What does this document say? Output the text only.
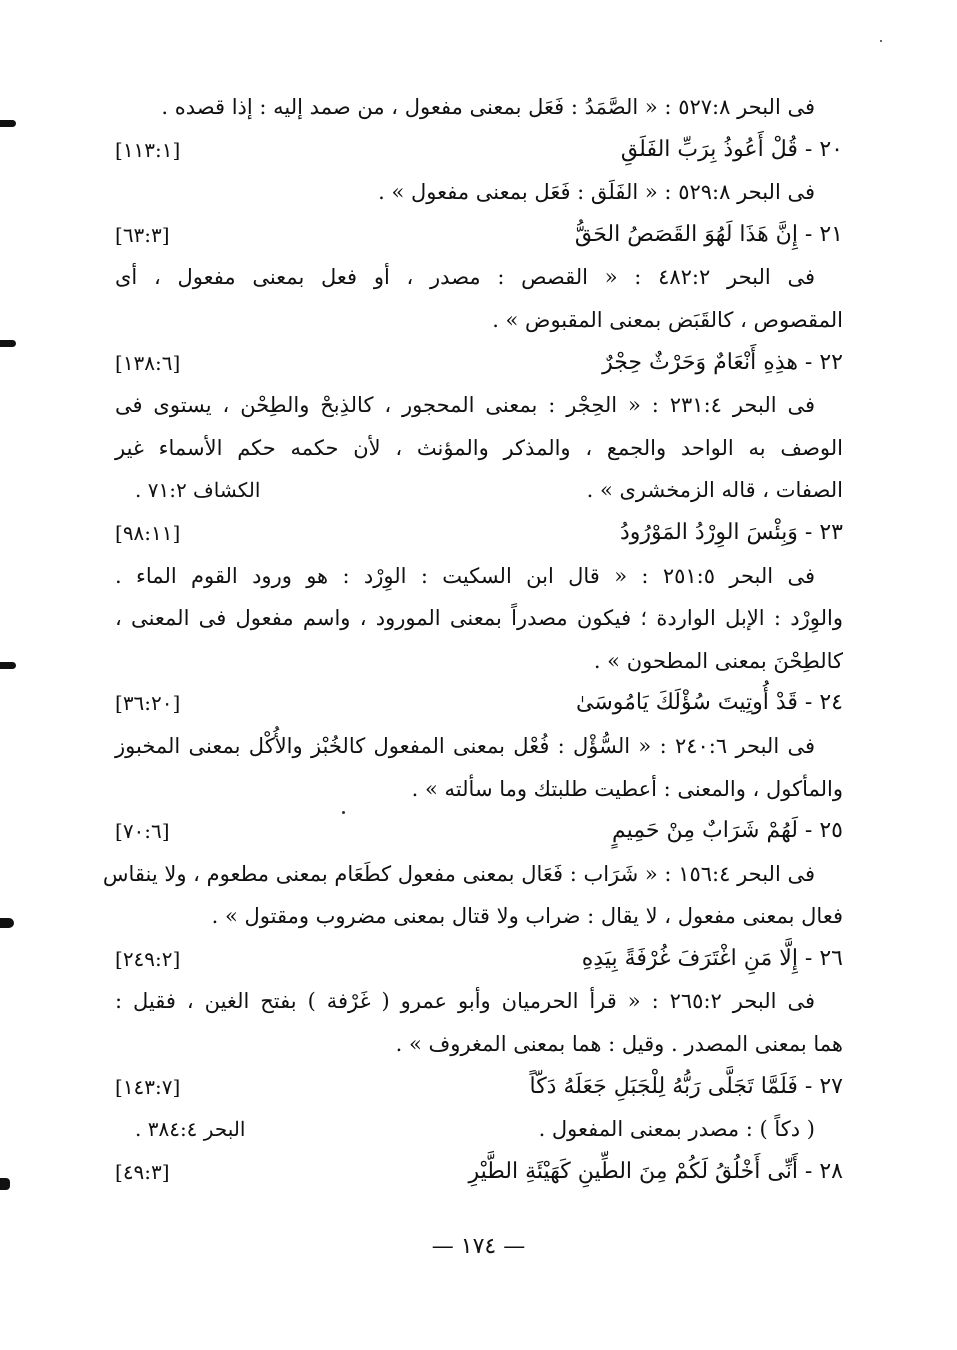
فى البحر ٥٢٧:٨ : « الصَّمَدُ : فَعَل بمعنى مفعول ، من صمد إليه : إذا قصده .
٢٠ - قُلْ أَعُوذُ بِرَبِّ الفَلَقِ
[١١٣:١]
فى البحر ٥٢٩:٨ : « الفَلَق : فَعَل بمعنى مفعول » .
٢١ - إِنَّ هَذَا لَهُوَ القَصَصُ الحَقُّ
[٦٣:٣]
فى البحر ٤٨٢:٢ : « القصص : مصدر ، أو فعل بمعنى مفعول ، أى
المقصوص ، كالقَبَض بمعنى المقبوض » .
٢٢ - هذِهِ أَنْعَامٌ وَحَرْثٌ حِجْرٌ
[١٣٨:٦]
فى البحر ٢٣١:٤ : « الحِجْر : بمعنى المحجور ، كالذِبحْ والطِحْن ، يستوى فى
الوصف به الواحد والجمع ، والمذكر والمؤنث ، لأن حكمه حكم الأسماء غير
الصفات ، قاله الزمخشرى » .
الكشاف ٧١:٢ .
٢٣ - وَبِئْسَ الوِرْدُ المَوْرُودُ
[٩٨:١١]
فى البحر ٢٥١:٥ : « قال ابن السكيت : الوِرْد : هو ورود القوم الماء .
والوِرْد : الإبل الواردة ؛ فيكون مصدراً بمعنى المورود ، واسم مفعول فى المعنى ،
كالطِحْنَ بمعنى المطحون » .
٢٤ - قَدْ أُوتِيتَ سُؤْلَكَ يَامُوسَىٰ
[٣٦:٢٠]
فى البحر ٢٤٠:٦ : « السُّؤْل : فُعْل بمعنى المفعول كالخُبْز والأُكْل بمعنى المخبوز
والمأكول ، والمعنى : أعطيت طلبتك وما سألته » .
٢٥ - لَهُمْ شَرَابٌ مِنْ حَمِيمٍ
[٧٠:٦]
فى البحر ١٥٦:٤ : « شَرَاب : فَعَال بمعنى مفعول كطَعَام بمعنى مطعوم ، ولا ينقاس
فعال بمعنى مفعول ، لا يقال : ضراب ولا قتال بمعنى مضروب ومقتول » .
٢٦ - إِلَّا مَنِ اغْتَرَفَ غُرْفَةً بِيَدِهِ
[٢٤٩:٢]
فى البحر ٢٦٥:٢ : « قرأ الحرميان وأبو عمرو ( غَرْفة ) بفتح الغين ، فقيل :
هما بمعنى المصدر . وقيل : هما بمعنى المغروف » .
٢٧ - فَلَمَّا تَجَلَّى رَبُّهُ لِلْجَبَلِ جَعَلَهُ دَكّاً
[١٤٣:٧]
( دكاً ) : مصدر بمعنى المفعول .
البحر ٣٨٤:٤ .
٢٨ - أَنِّى أَخْلُقُ لَكُمْ مِنَ الطِّينِ كَهَيْئَةِ الطَّيْرِ
[٤٩:٣]
— ١٧٤ —
